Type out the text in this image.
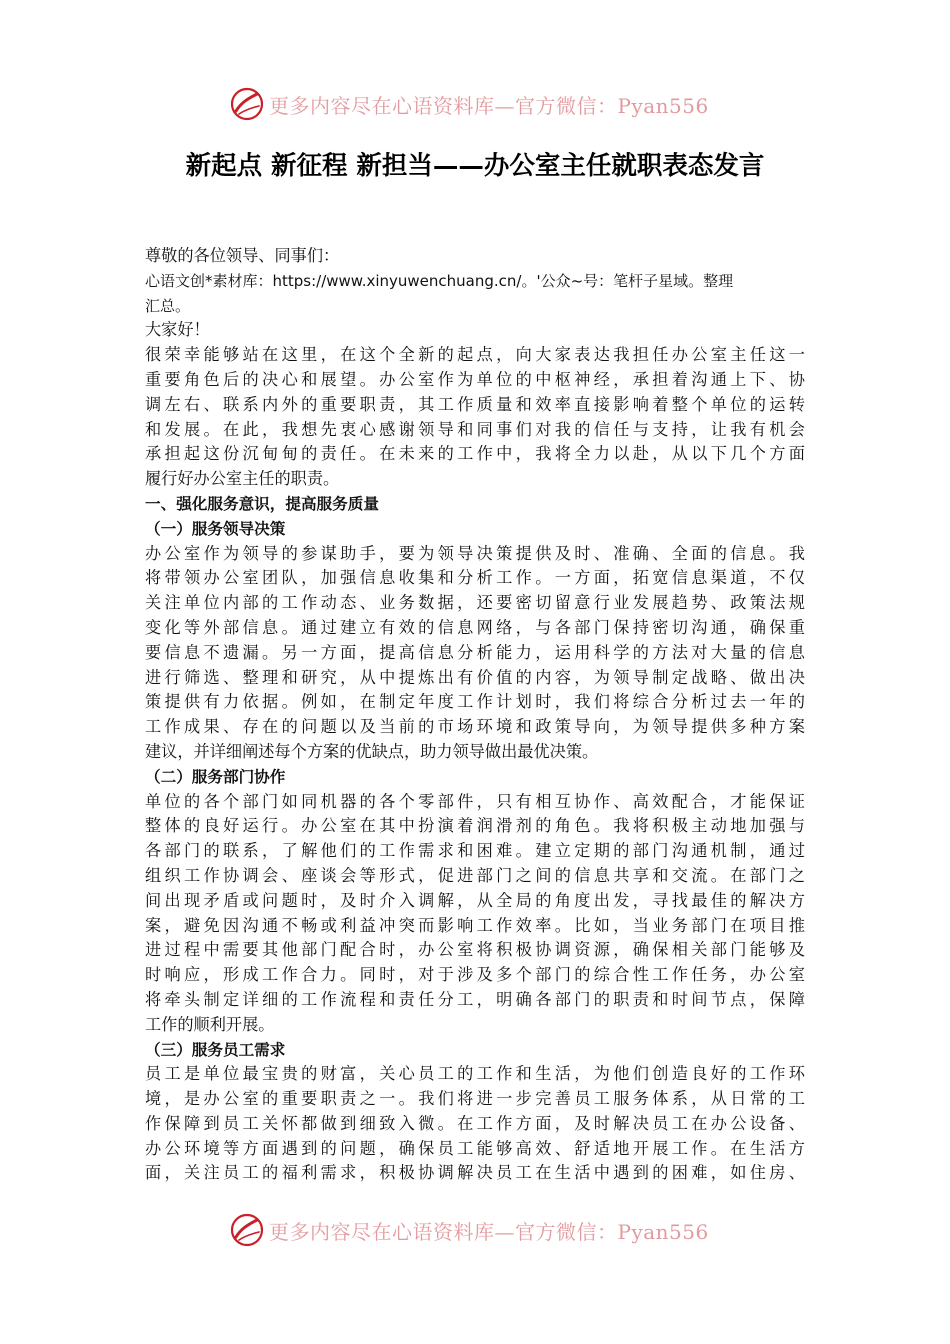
更多内容尽在心语资料库—官方微信：Pyan556
新起点 新征程 新担当——办公室主任就职表态发言
尊敬的各位领导、同事们：
心语文创*素材库：https://www.xinyuwenchuang.cn/。'公众~号：笔杆子星域。整理
汇总。
大家好！
很荣幸能够站在这里，在这个全新的起点，向大家表达我担任办公室主任这一
重要角色后的决心和展望。办公室作为单位的中枢神经，承担着沟通上下、协
调左右、联系内外的重要职责，其工作质量和效率直接影响着整个单位的运转
和发展。在此，我想先衷心感谢领导和同事们对我的信任与支持，让我有机会
承担起这份沉甸甸的责任。在未来的工作中，我将全力以赴，从以下几个方面
履行好办公室主任的职责。
一、强化服务意识，提高服务质量
（一）服务领导决策
办公室作为领导的参谋助手，要为领导决策提供及时、准确、全面的信息。我
将带领办公室团队，加强信息收集和分析工作。一方面，拓宽信息渠道，不仅
关注单位内部的工作动态、业务数据，还要密切留意行业发展趋势、政策法规
变化等外部信息。通过建立有效的信息网络，与各部门保持密切沟通，确保重
要信息不遗漏。另一方面，提高信息分析能力，运用科学的方法对大量的信息
进行筛选、整理和研究，从中提炼出有价值的内容，为领导制定战略、做出决
策提供有力依据。例如，在制定年度工作计划时，我们将综合分析过去一年的
工作成果、存在的问题以及当前的市场环境和政策导向，为领导提供多种方案
建议，并详细阐述每个方案的优缺点，助力领导做出最优决策。
（二）服务部门协作
单位的各个部门如同机器的各个零部件，只有相互协作、高效配合，才能保证
整体的良好运行。办公室在其中扮演着润滑剂的角色。我将积极主动地加强与
各部门的联系，了解他们的工作需求和困难。建立定期的部门沟通机制，通过
组织工作协调会、座谈会等形式，促进部门之间的信息共享和交流。在部门之
间出现矛盾或问题时，及时介入调解，从全局的角度出发，寻找最佳的解决方
案，避免因沟通不畅或利益冲突而影响工作效率。比如，当业务部门在项目推
进过程中需要其他部门配合时，办公室将积极协调资源，确保相关部门能够及
时响应，形成工作合力。同时，对于涉及多个部门的综合性工作任务，办公室
将牵头制定详细的工作流程和责任分工，明确各部门的职责和时间节点，保障
工作的顺利开展。
（三）服务员工需求
员工是单位最宝贵的财富，关心员工的工作和生活，为他们创造良好的工作环
境，是办公室的重要职责之一。我们将进一步完善员工服务体系，从日常的工
作保障到员工关怀都做到细致入微。在工作方面，及时解决员工在办公设备、
办公环境等方面遇到的问题，确保员工能够高效、舒适地开展工作。在生活方
面，关注员工的福利需求，积极协调解决员工在生活中遇到的困难，如住房、
更多内容尽在心语资料库—官方微信：Pyan556
